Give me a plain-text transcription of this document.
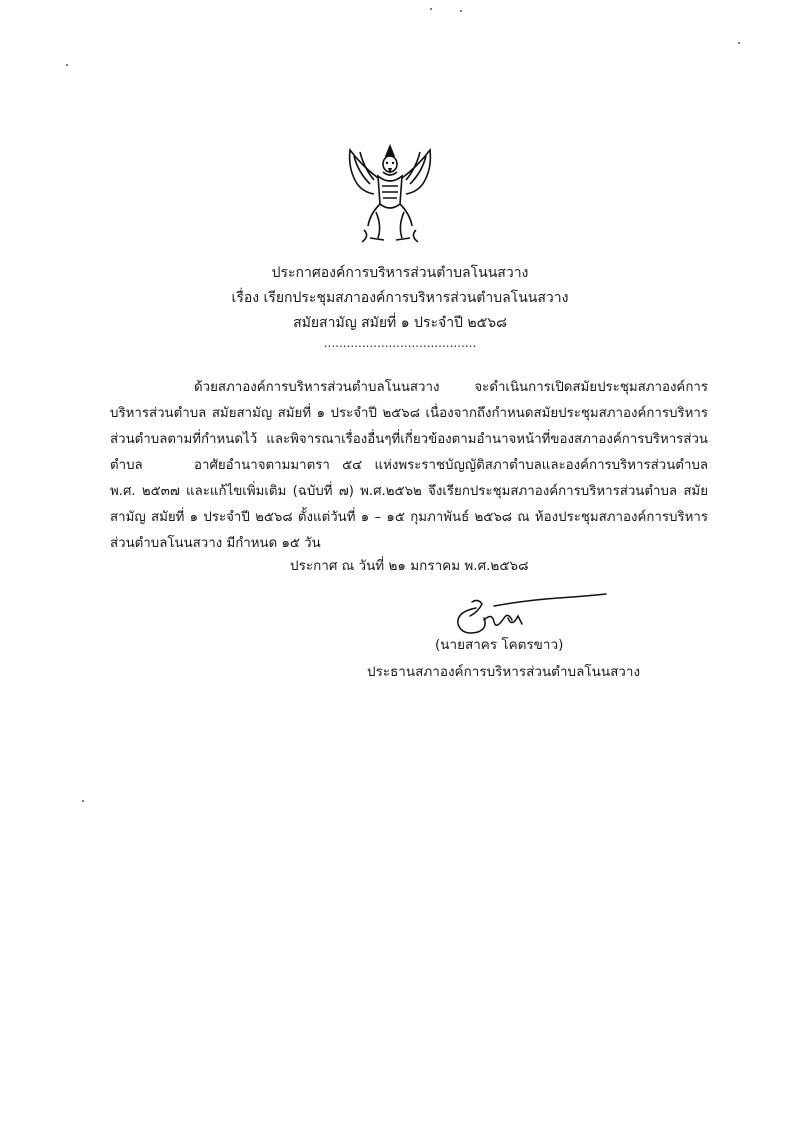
ประกาศองค์การบริหารส่วนตำบลโนนสวาง
เรื่อง เรียกประชุมสภาองค์การบริหารส่วนตำบลโนนสวาง
สมัยสามัญ สมัยที่ ๑ ประจำปี ๒๕๖๘
........................................

ด้วยสภาองค์การบริหารส่วนตำบลโนนสวาง จะดำเนินการเปิดสมัยประชุมสภาองค์การบริหารส่วนตำบล สมัยสามัญ สมัยที่ ๑ ประจำปี ๒๕๖๘ เนื่องจากถึงกำหนดสมัยประชุมสภาองค์การบริหารส่วนตำบลตามที่กำหนดไว้ และพิจารณาเรื่องอื่นๆที่เกี่ยวข้องตามอำนาจหน้าที่ของสภาองค์การบริหารส่วนตำบล	อาศัยอำนาจตามมาตรา ๕๔ แห่งพระราชบัญญัติสภาตำบลและองค์การบริหารส่วนตำบล พ.ศ. ๒๕๓๗ และแก้ไขเพิ่มเติม (ฉบับที่ ๗) พ.ศ.๒๕๖๒ จึงเรียกประชุมสภาองค์การบริหารส่วนตำบล สมัยสามัญ สมัยที่ ๑ ประจำปี ๒๕๖๘ ตั้งแต่วันที่ ๑ – ๑๕ กุมภาพันธ์ ๒๕๖๘ ณ ห้องประชุมสภาองค์การบริหารส่วนตำบลโนนสวาง มีกำหนด ๑๕ วัน

ประกาศ ณ วันที่ ๒๑ มกราคม พ.ศ.๒๕๖๘
(นายสาคร โคตรขาว)
ประธานสภาองค์การบริหารส่วนตำบลโนนสวาง
